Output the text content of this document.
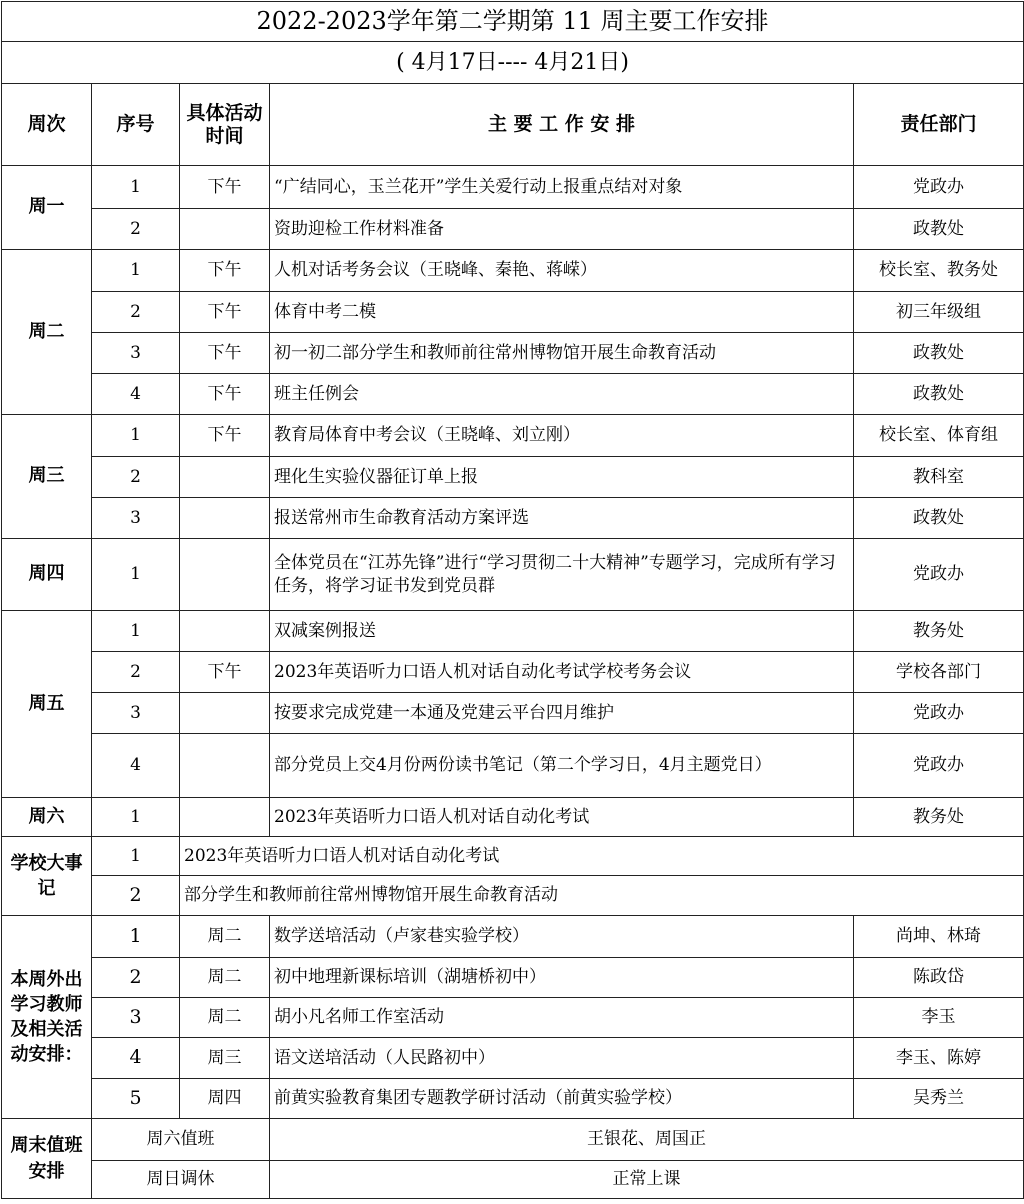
2022-2023学年第二学期第 11 周主要工作安排				
( 4月17日---- 4月21日)				
周次	序号	具体活动时间	主 要 工 作 安 排	责任部门
周一	1	下午	“广结同心，玉兰花开”学生关爱行动上报重点结对对象	党政办
	2		资助迎检工作材料准备	政教处
周二	1	下午	人机对话考务会议（王晓峰、秦艳、蒋嵘）	校长室、教务处
	2	下午	体育中考二模	初三年级组
	3	下午	初一初二部分学生和教师前往常州博物馆开展生命教育活动	政教处
	4	下午	班主任例会	政教处
周三	1	下午	教育局体育中考会议（王晓峰、刘立刚）	校长室、体育组
	2		理化生实验仪器征订单上报	教科室
	3		报送常州市生命教育活动方案评选	政教处
周四	1		全体党员在“江苏先锋”进行“学习贯彻二十大精神”专题学习，完成所有学习任务，将学习证书发到党员群	党政办
周五	1		双减案例报送	教务处
	2	下午	2023年英语听力口语人机对话自动化考试学校考务会议	学校各部门
	3		按要求完成党建一本通及党建云平台四月维护	党政办
	4		部分党员上交4月份两份读书笔记（第二个学习日，4月主题党日）	党政办
周六	1		2023年英语听力口语人机对话自动化考试	教务处
学校大事记	1	2023年英语听力口语人机对话自动化考试		
	2	部分学生和教师前往常州博物馆开展生命教育活动		
本周外出学习教师及相关活动安排：	1	周二	数学送培活动（卢家巷实验学校）	尚坤、林琦
	2	周二	初中地理新课标培训（湖塘桥初中）	陈政岱
	3	周二	胡小凡名师工作室活动	李玉
	4	周三	语文送培活动（人民路初中）	李玉、陈婷
	5	周四	前黄实验教育集团专题教学研讨活动（前黄实验学校）	吴秀兰
周末值班安排	周六值班		王银花、周国正	
	周日调休		正常上课	
